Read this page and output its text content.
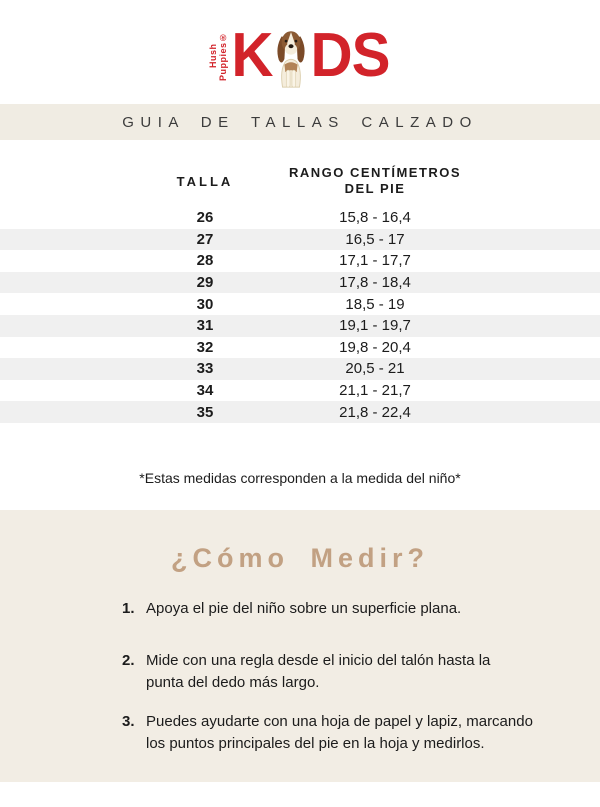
Hush Puppies® K DS
GUIA DE TALLAS CALZADO
TALLA
RANGO CENTÍMETROS
DEL PIE
26	15,8 - 16,4
27	16,5 - 17
28	17,1 - 17,7
29	17,8 - 18,4
30	18,5 - 19
31	19,1 - 19,7
32	19,8 - 20,4
33	20,5 - 21
34	21,1 - 21,7
35	21,8 - 22,4
*Estas medidas corresponden a la medida del niño*
¿Cómo Medir?
1. Apoya el pie del niño sobre un superficie plana.
2. Mide con una regla desde el inicio del talón hasta la
punta del dedo más largo.
3. Puedes ayudarte con una hoja de papel y lapiz, marcando
los puntos principales del pie en la hoja y medirlos.
